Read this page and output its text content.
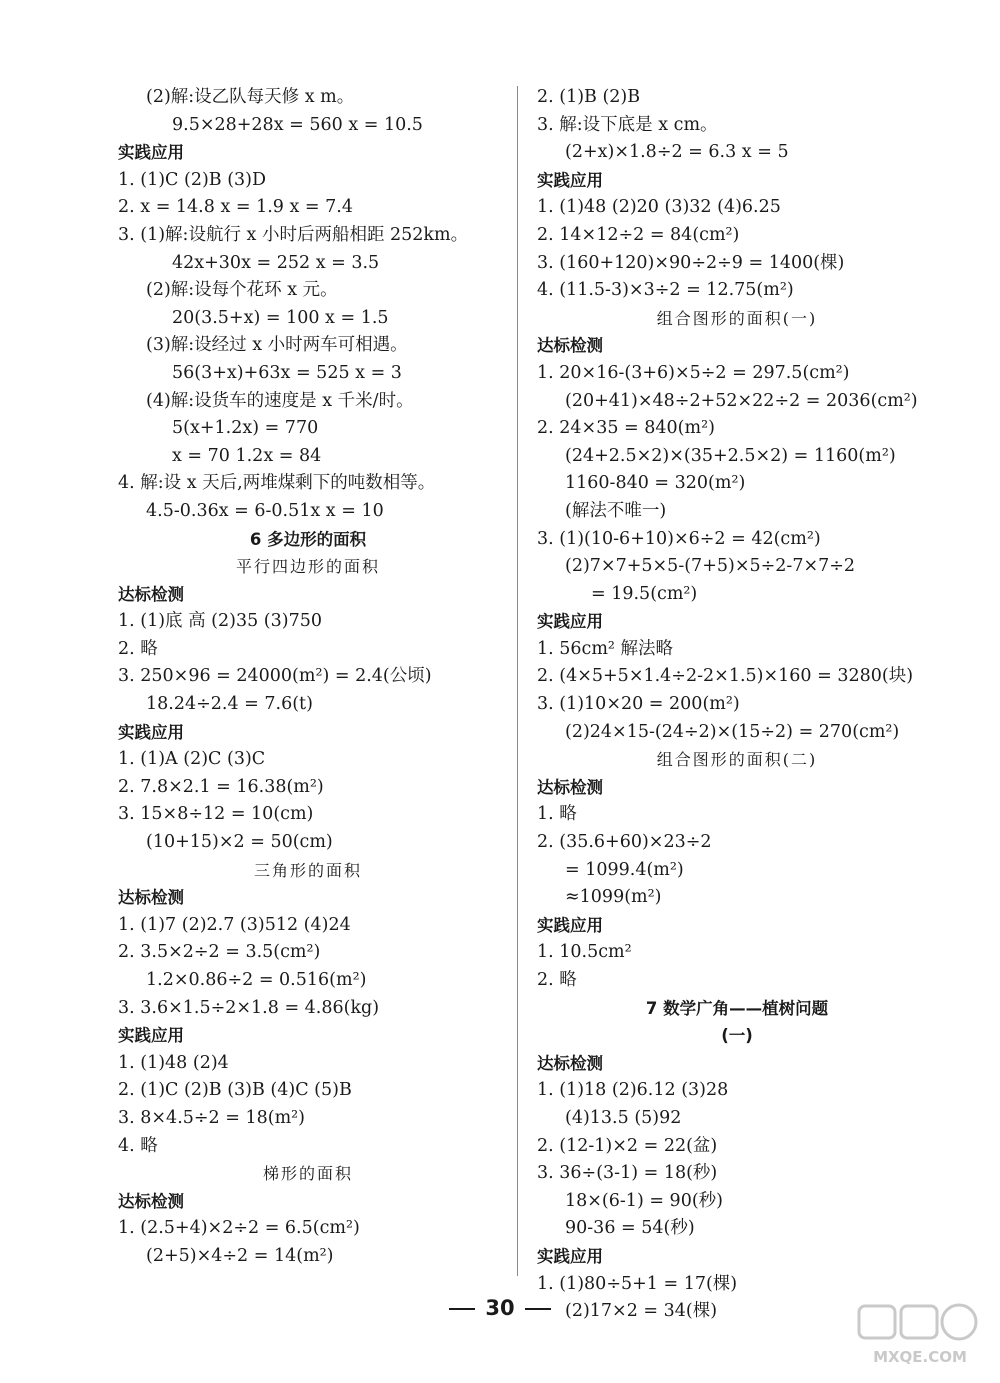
(2)解:设乙队每天修 x m。
9.5×28+28x = 560 x = 10.5
实践应用
1. (1)C (2)B (3)D
2. x = 14.8 x = 1.9 x = 7.4
3. (1)解:设航行 x 小时后两船相距 252km。
42x+30x = 252 x = 3.5
(2)解:设每个花环 x 元。
20(3.5+x) = 100 x = 1.5
(3)解:设经过 x 小时两车可相遇。
56(3+x)+63x = 525 x = 3
(4)解:设货车的速度是 x 千米/时。
5(x+1.2x) = 770
x = 70 1.2x = 84
4. 解:设 x 天后,两堆煤剩下的吨数相等。
4.5-0.36x = 6-0.51x x = 10
6 多边形的面积
平行四边形的面积
达标检测
1. (1)底 高 (2)35 (3)750
2. 略
3. 250×96 = 24000(m²) = 2.4(公顷)
18.24÷2.4 = 7.6(t)
实践应用
1. (1)A (2)C (3)C
2. 7.8×2.1 = 16.38(m²)
3. 15×8÷12 = 10(cm)
(10+15)×2 = 50(cm)
三角形的面积
达标检测
1. (1)7 (2)2.7 (3)512 (4)24
2. 3.5×2÷2 = 3.5(cm²)
1.2×0.86÷2 = 0.516(m²)
3. 3.6×1.5÷2×1.8 = 4.86(kg)
实践应用
1. (1)48 (2)4
2. (1)C (2)B (3)B (4)C (5)B
3. 8×4.5÷2 = 18(m²)
4. 略
梯形的面积
达标检测
1. (2.5+4)×2÷2 = 6.5(cm²)
(2+5)×4÷2 = 14(m²)
2. (1)B (2)B
3. 解:设下底是 x cm。
(2+x)×1.8÷2 = 6.3 x = 5
实践应用
1. (1)48 (2)20 (3)32 (4)6.25
2. 14×12÷2 = 84(cm²)
3. (160+120)×90÷2÷9 = 1400(棵)
4. (11.5-3)×3÷2 = 12.75(m²)
组合图形的面积(一)
达标检测
1. 20×16-(3+6)×5÷2 = 297.5(cm²)
(20+41)×48÷2+52×22÷2 = 2036(cm²)
2. 24×35 = 840(m²)
(24+2.5×2)×(35+2.5×2) = 1160(m²)
1160-840 = 320(m²)
(解法不唯一)
3. (1)(10-6+10)×6÷2 = 42(cm²)
(2)7×7+5×5-(7+5)×5÷2-7×7÷2
= 19.5(cm²)
实践应用
1. 56cm² 解法略
2. (4×5+5×1.4÷2-2×1.5)×160 = 3280(块)
3. (1)10×20 = 200(m²)
(2)24×15-(24÷2)×(15÷2) = 270(cm²)
组合图形的面积(二)
达标检测
1. 略
2. (35.6+60)×23÷2
= 1099.4(m²)
≈1099(m²)
实践应用
1. 10.5cm²
2. 略
7 数学广角——植树问题
(一)
达标检测
1. (1)18 (2)6.12 (3)28
(4)13.5 (5)92
2. (12-1)×2 = 22(盆)
3. 36÷(3-1) = 18(秒)
18×(6-1) = 90(秒)
90-36 = 54(秒)
实践应用
1. (1)80÷5+1 = 17(棵)
(2)17×2 = 34(棵)
30
MXQE.COM
